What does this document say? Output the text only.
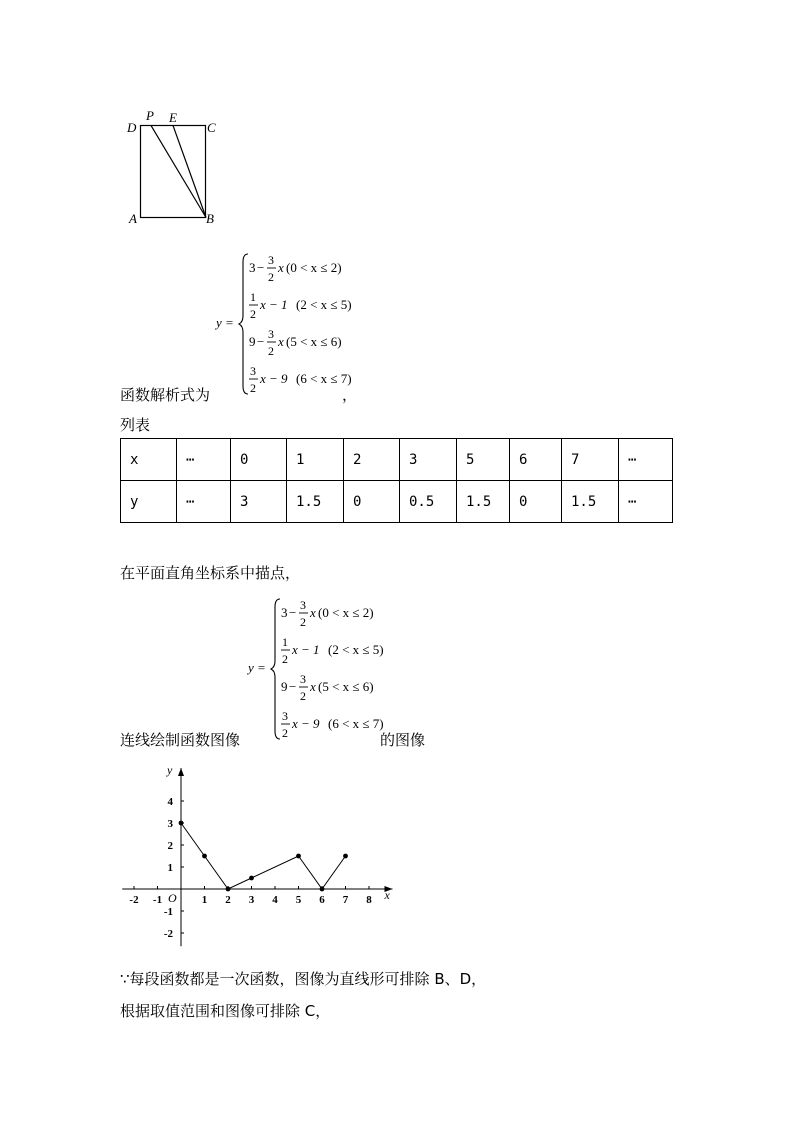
D
P E
C
A	B
y =
3 − 3
2
x (0 < x ≤ 2)
1
2
x − 1 (2 < x ≤ 5)
9 − 3
2
x (5 < x ≤ 6)
3
2
x − 9 (6 < x ≤ 7)
函数解析式为	，
列表
x	⋯	0	1	2	3	5	6	7	⋯
y	⋯	3	1.5	0	0.5	1.5	0	1.5	⋯
在平面直角坐标系中描点，
y =
3 − 3
2
x (0 < x ≤ 2)
1
2
x − 1 (2 < x ≤ 5)
9 − 3
2
x (5 < x ≤ 6)
3
2
x − 9 (6 < x ≤ 7)
连线绘制函数图像	的图像
x
y
O
-2 -1	1 2 3 4 5 6 7 8
4
3
2
1
-1
-2
∵每段函数都是一次函数，图像为直线形可排除 B、D，
根据取值范围和图像可排除 C，
